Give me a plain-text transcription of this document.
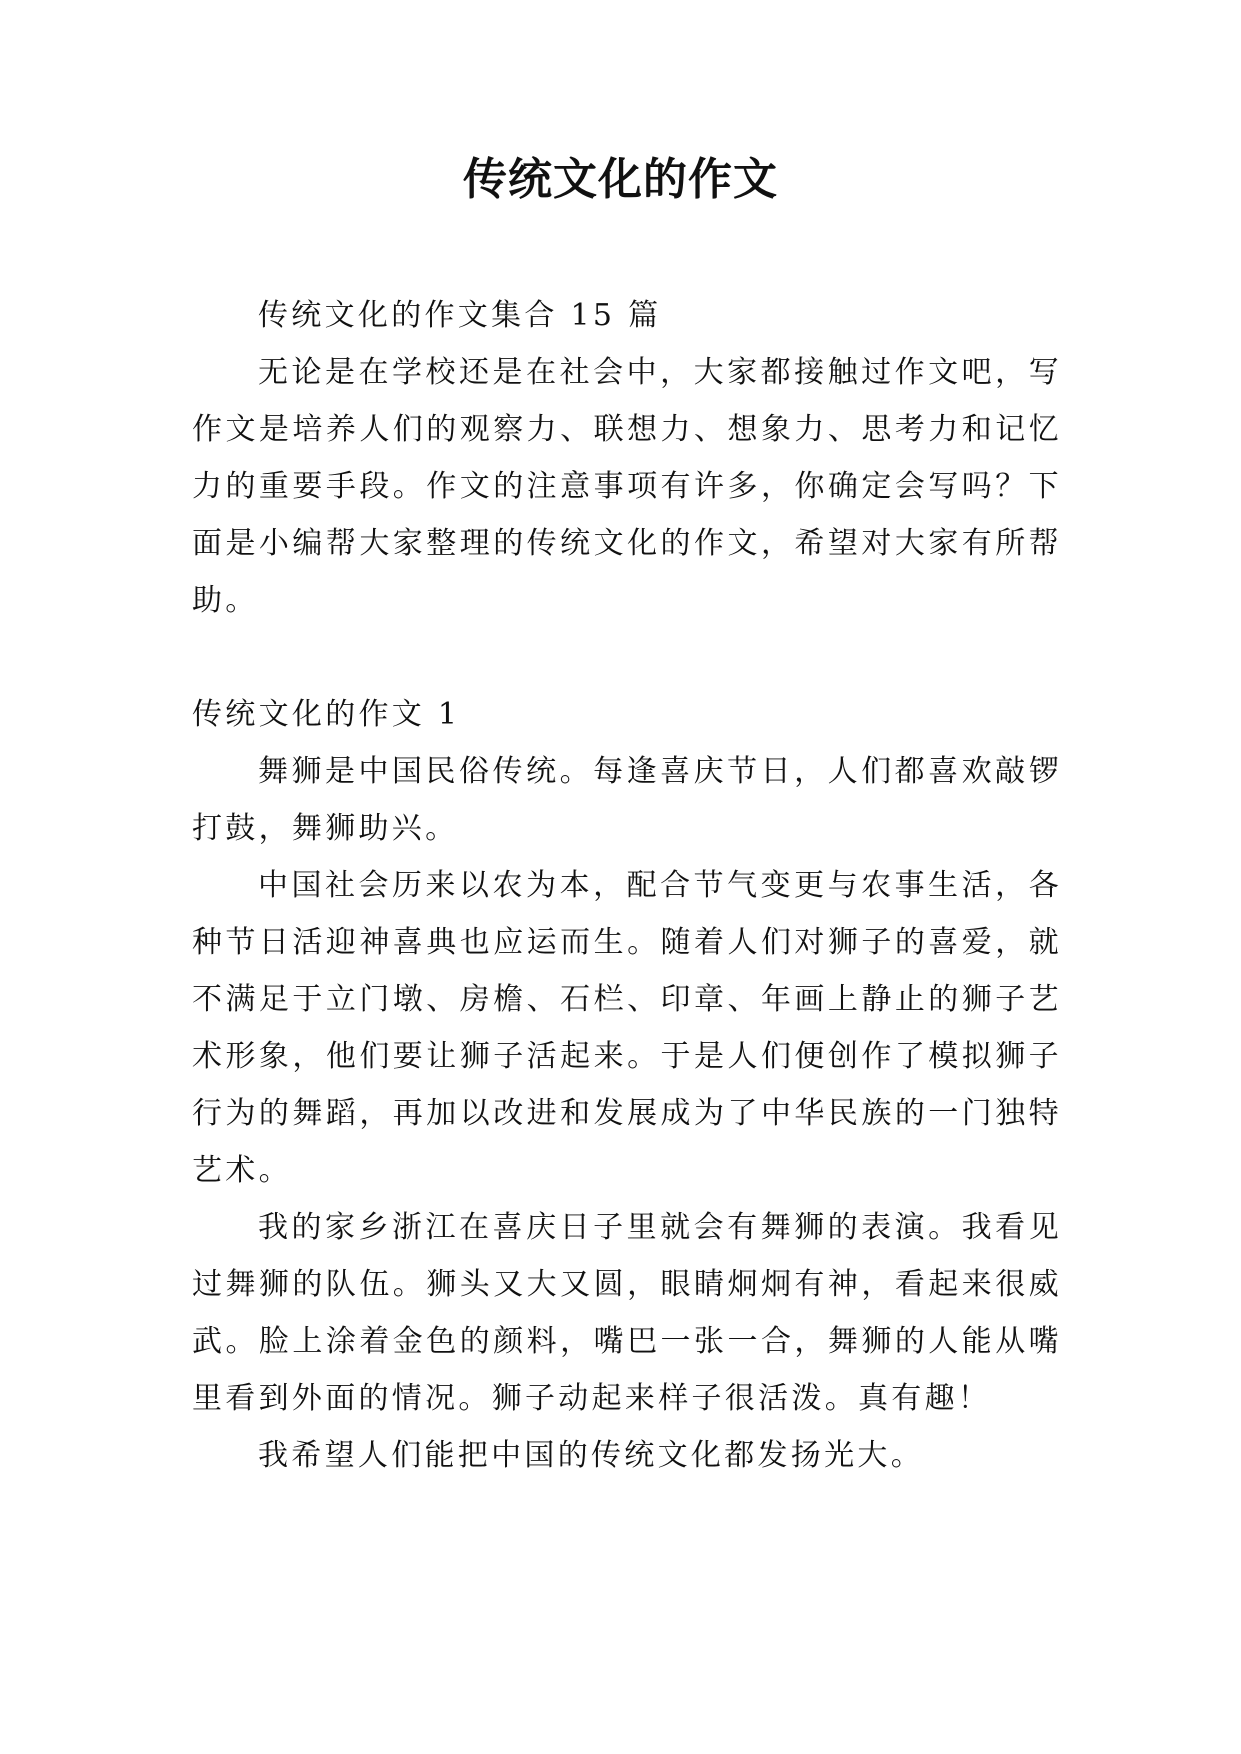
传统文化的作文

传统文化的作文集合 15 篇

无论是在学校还是在社会中，大家都接触过作文吧，写作文是培养人们的观察力、联想力、想象力、思考力和记忆力的重要手段。作文的注意事项有许多，你确定会写吗？下面是小编帮大家整理的传统文化的作文，希望对大家有所帮助。

传统文化的作文 1

舞狮是中国民俗传统。每逢喜庆节日，人们都喜欢敲锣打鼓，舞狮助兴。

中国社会历来以农为本，配合节气变更与农事生活，各种节日活迎神喜典也应运而生。随着人们对狮子的喜爱，就不满足于立门墩、房檐、石栏、印章、年画上静止的狮子艺术形象，他们要让狮子活起来。于是人们便创作了模拟狮子行为的舞蹈，再加以改进和发展成为了中华民族的一门独特艺术。

我的家乡浙江在喜庆日子里就会有舞狮的表演。我看见过舞狮的队伍。狮头又大又圆，眼睛炯炯有神，看起来很威武。脸上涂着金色的颜料，嘴巴一张一合，舞狮的人能从嘴里看到外面的情况。狮子动起来样子很活泼。真有趣！

我希望人们能把中国的传统文化都发扬光大。
